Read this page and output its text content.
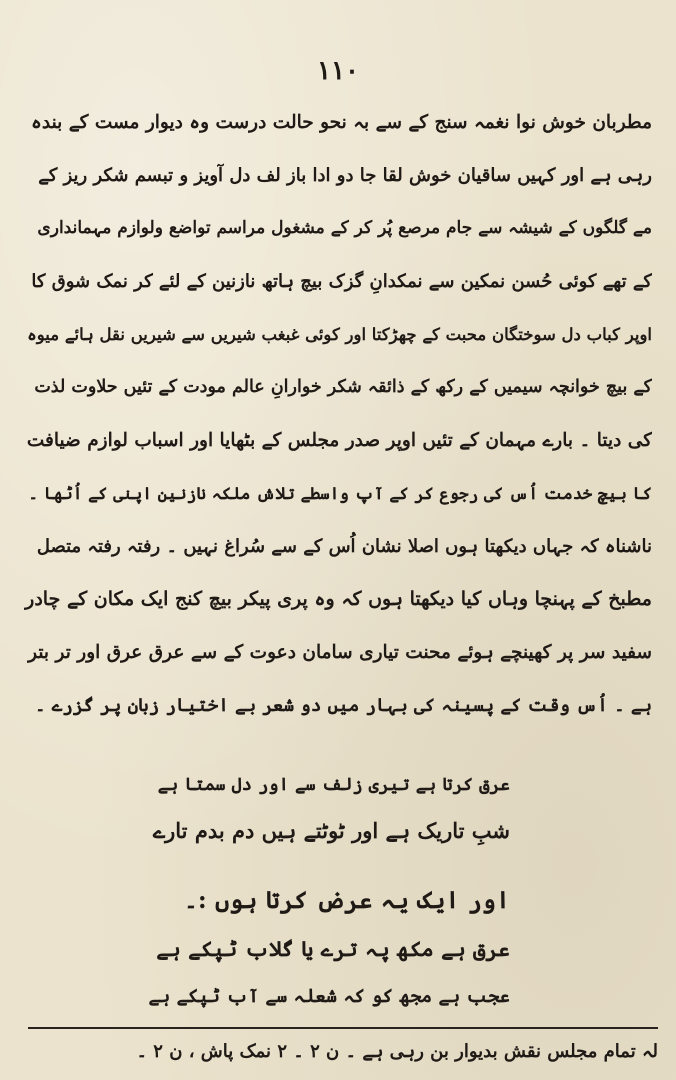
۱۱۰
مطربان خوش نوا نغمہ سنج کے سے بہ نحو حالت درست وہ دیوار مست کے بندہ
رہی ہے اور کہیں ساقیان خوش لقا جا دو ادا باز لف دل آویز و تبسم شکر ریز کے
مے گلگوں کے شیشہ سے جام مرصع پُر کر کے مشغول مراسم تواضع ولوازم مہمانداری
کے تھے کوئی حُسن نمکین سے نمکدانِ گزک بیچ ہاتھ نازنین کے لئے کر نمک شوق کا
اوپر کباب دل سوختگان محبت کے چھڑکتا اور کوئی غبغب شیریں سے شیریں نقل ہائے میوہ
کے بیچ خوانچہ سیمیں کے رکھ کے ذائقہ شکر خوارانِ عالم مودت کے تئیں حلاوت لذت
کی دیتا ۔ بارے مہمان کے تئیں اوپر صدر مجلس کے بٹھایا اور اسباب لوازم ضیافت
کا بیچ خدمت اُس کی رجوع کر کے آپ واسطے تلاش ملکہ نازنین اپنی کے اُٹھا ۔
ناشناہ کہ جہاں دیکھتا ہوں اصلا نشان اُس کے سے سُراغ نہیں ۔ رفتہ رفتہ متصل
مطبخ کے پہنچا وہاں کیا دیکھتا ہوں کہ وہ پری پیکر بیچ کنج ایک مکان کے چادر
سفید سر پر کھینچے ہوئے محنت تیاری سامان دعوت کے سے عرق عرق اور تر بتر
ہے ۔ اُس وقت کے پسینہ کی بہار میں دو شعر بے اختیار زبان پر گزرے ۔
عرق کرتا ہے تیری زلف سے اور دل سمتا ہے
شبِ تاریک ہے اور ٹوٹتے ہیں دم بدم تارے
اور ایک یہ عرض کرتا ہوں :۔
عرق ہے مکھ پہ ترے یا گلاب ٹپکے ہے
عجب ہے مجھ کو کہ شعلہ سے آب ٹپکے ہے
لہ تمام مجلس نقش بدیوار بن رہی ہے ۔ ن ۲ ۔ ٢ نمک پاش ، ن ۲ ۔
